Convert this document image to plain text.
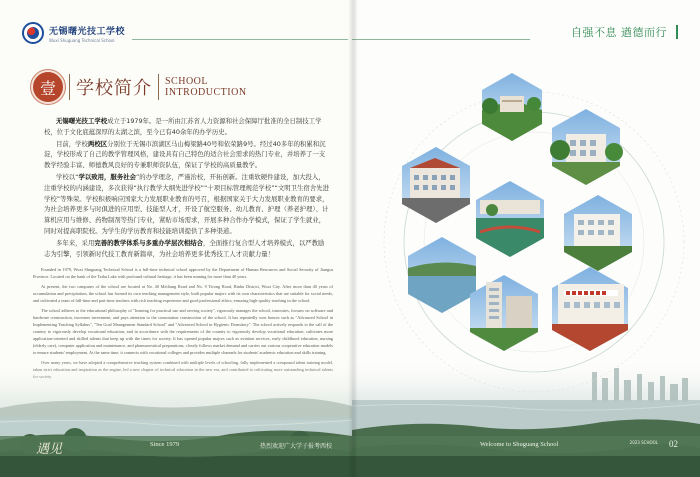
无锡曙光技工学校
Wuxi Shuguang Technical School
壹	学校简介 SCHOOL
INTRODUCTION

无锡曙光技工学校成立于1979年。是一所由江苏省人力资源和社会保障厅批准的全日制技工学校，位于文化底蕴深厚的太湖之滨，至今已有40余年的办学历史。

目前，学校两校区分别位于无锡市滨湖区马山梅梁路40号和依荣路9号。经过40多年的积累和沉淀，学校形成了自己的教学管理风格，建设具有自己特色的适合社会需求的热门专业，并培养了一支教学经验丰富、师德教风良好的专兼职师资队伍，保证了学校的高质量教学。

学校以“学以致用，服务社会”的办学理念，严谨治校，开拓创新。注重软硬件建设，加大投入，注重学校的内涵建设，多次获得“执行教学大纲先进学校”“十项目标管理规范学校”“文明卫生宿舍先进学校”等殊荣。学校积极响应国家大力发展职业教育的号召，根据国家关于大力发展职业教育的要求，为社会培养更多与时俱进的应用型、技能型人才，开设了航空服务、幼儿教育、护理（养老护理）、计算机应用与维修、药物制剂等热门专业，紧贴市场需求，开展多种合作办学模式，保证了学生就业，同时对提高职院校。为学生的学历教育和技能培训提供了多种渠道。

多年来，采用完善的教学体系与多重办学层次相结合，全面推行复合型人才培养模式，以严教励志为引擎，引领新时代技工教育新篇章，为社会培养更多优秀技工人才贡献力量！

Founded in 1979, Wuxi Shuguang Technical School is a full-time technical school approved by the Department of Human Resources and Social Security of Jiangsu Province. Located on the bank of the Taihu Lake with profound cultural heritage, it has been running for more than 40 years.

At present, the two campuses of the school are located at No. 40 Meiliang Road and No. 9 Yirong Road, Binhu District, Wuxi City. After more than 40 years of accumulation and precipitation, the school has formed its own teaching management style, built popular majors with its own characteristics that are suitable for social needs, and cultivated a team of full-time and part-time teachers with rich teaching experience and good professional ethics, ensuring high-quality teaching in the school.

The school adheres to the educational philosophy of "learning for practical use and serving society", rigorously manages the school, innovates, focuses on software and hardware construction, increases investment, and pays attention to the connotation construction of the school. It has repeatedly won honors such as "Advanced School in Implementing Teaching Syllabus", "Ten Goal Management Standard School" and "Advanced School in Hygienic Dormitory". The school actively responds to the call of the country to vigorously develop vocational education, and in accordance with the requirements of the country to vigorously develop vocational education, cultivates more application-oriented and skilled talents that keep up with the times for society. It has opened popular majors such as aviation services, early childhood education, nursing (elderly care), computer application and maintenance, and pharmaceutical preparations, closely follows market demand and carries out various cooperative education models to ensure students' employment. At the same time, it connects with vocational colleges and provides multiple channels for students' academic education and skills training.

遇见	Since 1979	热烈欢迎广大学子报考西校
自强不息 遒德而行
Welcome to Shuguang School	2023 SCHOOL 02
